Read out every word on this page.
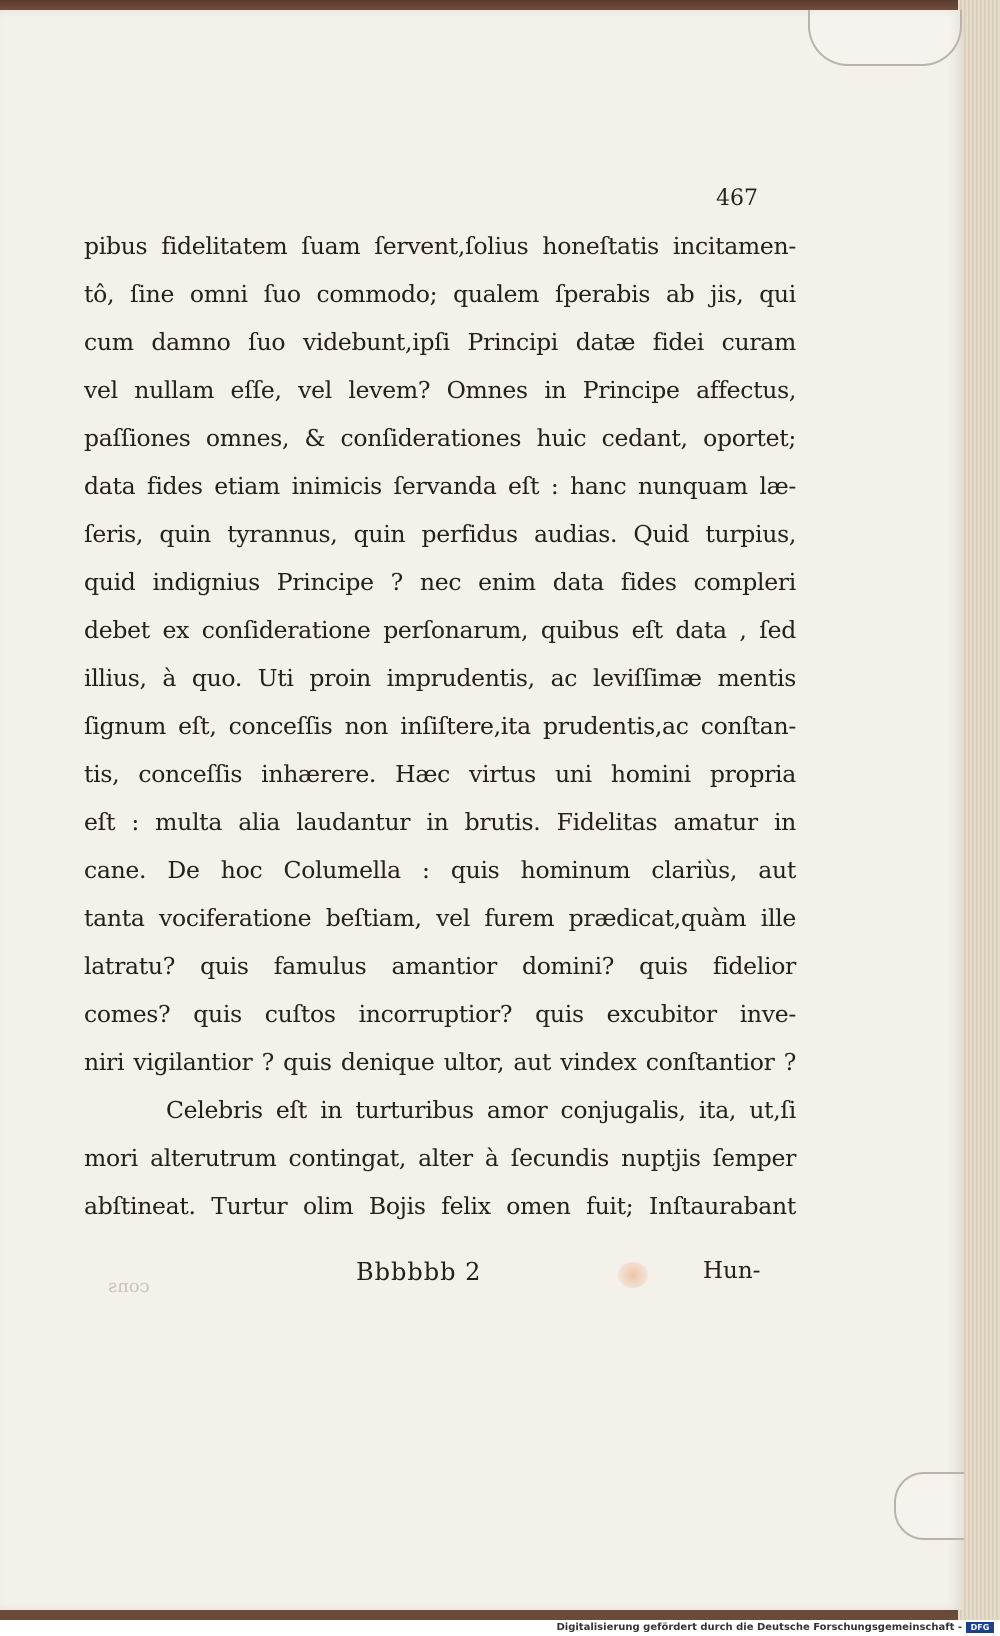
467
pibus fidelitatem ſuam ſervent,ſolius honeſtatis incitamen-
tô, ſine omni ſuo commodo; qualem ſperabis ab jis, qui
cum damno ſuo videbunt,ipſi Principi datæ fidei curam
vel nullam eſſe, vel levem? Omnes in Principe affectus,
paſſiones omnes, & conſiderationes huic cedant, oportet;
data fides etiam inimicis ſervanda eſt : hanc nunquam læ-
ſeris, quin tyrannus, quin perfidus audias. Quid turpius,
quid indignius Principe ? nec enim data fides compleri
debet ex conſideratione perſonarum, quibus eſt data , ſed
illius, à quo. Uti proin imprudentis, ac leviſſimæ mentis
ſignum eſt, conceſſis non inſiſtere,ita prudentis,ac conſtan-
tis, conceſſis inhærere. Hæc virtus uni homini propria
eſt : multa alia laudantur in brutis. Fidelitas amatur in
cane. De hoc Columella : quis hominum clariùs, aut
tanta vociferatione beſtiam, vel furem prædicat,quàm ille
latratu? quis famulus amantior domini? quis fidelior
comes? quis cuſtos incorruptior? quis excubitor inve-
niri vigilantior ? quis denique ultor, aut vindex conſtantior ?
Celebris eſt in turturibus amor conjugalis, ita, ut,ſi
mori alterutrum contingat, alter à ſecundis nuptjis ſemper
abſtineat. Turtur olim Bojis felix omen fuit; Inſtaurabant
Bbbbbb 2	Hun-
cons
Digitalisierung gefördert durch die Deutsche Forschungsgemeinschaft -	DFG
